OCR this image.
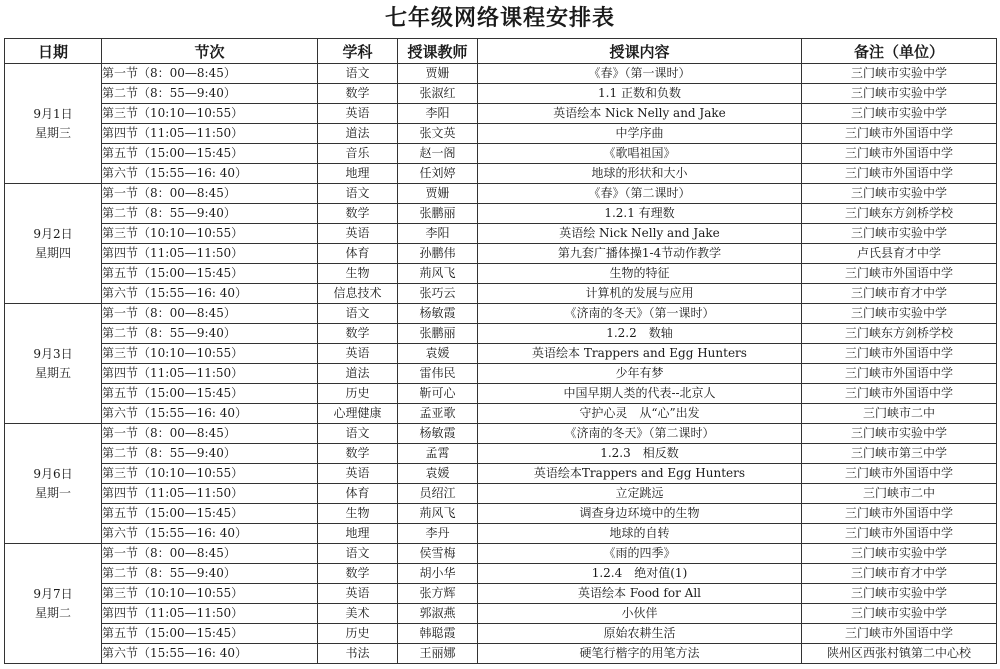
七年级网络课程安排表
日期	节次	学科	授课教师	授课内容	备注（单位）

9月1日
星期三	第一节（8：00—8:45）	语文	贾姗	《春》（第一课时）	三门峡市实验中学
	第二节（8：55—9:40）	数学	张淑红	1.1 正数和负数	三门峡市实验中学
	第三节（10:10—10:55）	英语	李阳	英语绘本 Nick Nelly and Jake	三门峡市实验中学
	第四节（11:05—11:50）	道法	张文英	中学序曲	三门峡市外国语中学
	第五节（15:00—15:45）	音乐	赵一阁	《歌唱祖国》	三门峡市外国语中学
	第六节（15:55—16: 40）	地理	任刘婷	地球的形状和大小	三门峡市外国语中学

9月2日
星期四	第一节（8：00—8:45）	语文	贾姗	《春》（第二课时）	三门峡市实验中学
	第二节（8：55—9:40）	数学	张鹏丽	1.2.1 有理数	三门峡东方剑桥学校
	第三节（10:10—10:55）	英语	李阳	英语绘 Nick Nelly and Jake	三门峡市实验中学
	第四节（11:05—11:50）	体育	孙鹏伟	第九套广播体操1-4节动作教学	卢氏县育才中学
	第五节（15:00—15:45）	生物	荊风飞	生物的特征	三门峡市外国语中学
	第六节（15:55—16: 40）	信息技术	张巧云	计算机的发展与应用	三门峡市育才中学

9月3日
星期五	第一节（8：00—8:45）	语文	杨敏霞	《济南的冬天》（第一课时）	三门峡市实验中学
	第二节（8：55—9:40）	数学	张鹏丽	1.2.2　数轴	三门峡东方剑桥学校
	第三节（10:10—10:55）	英语	袁媛	英语绘本 Trappers and Egg Hunters	三门峡市外国语中学
	第四节（11:05—11:50）	道法	雷伟民	少年有梦	三门峡市外国语中学
	第五节（15:00—15:45）	历史	靳可心	中国早期人类的代表--北京人	三门峡市外国语中学
	第六节（15:55—16: 40）	心理健康	孟亚歌	守护心灵　从“心”出发	三门峡市二中

9月6日
星期一	第一节（8：00—8:45）	语文	杨敏霞	《济南的冬天》（第二课时）	三门峡市实验中学
	第二节（8：55—9:40）	数学	孟霄	1.2.3　相反数	三门峡市第三中学
	第三节（10:10—10:55）	英语	袁媛	英语绘本Trappers and Egg Hunters	三门峡市外国语中学
	第四节（11:05—11:50）	体育	员绍江	立定跳远	三门峡市二中
	第五节（15:00—15:45）	生物	荊风飞	调查身边环境中的生物	三门峡市外国语中学
	第六节（15:55—16: 40）	地理	李丹	地球的自转	三门峡市外国语中学

9月7日
星期二	第一节（8：00—8:45）	语文	侯雪梅	《雨的四季》	三门峡市实验中学
	第二节（8：55—9:40）	数学	胡小华	1.2.4　绝对值(1)	三门峡市育才中学
	第三节（10:10—10:55）	英语	张方辉	英语绘本 Food for All	三门峡市实验中学
	第四节（11:05—11:50）	美术	郭淑燕	小伙伴	三门峡市实验中学
	第五节（15:00—15:45）	历史	韩聪霞	原始农耕生活	三门峡市外国语中学
	第六节（15:55—16: 40）	书法	王丽娜	硬笔行楷字的用笔方法	陕州区西张村镇第二中心校
